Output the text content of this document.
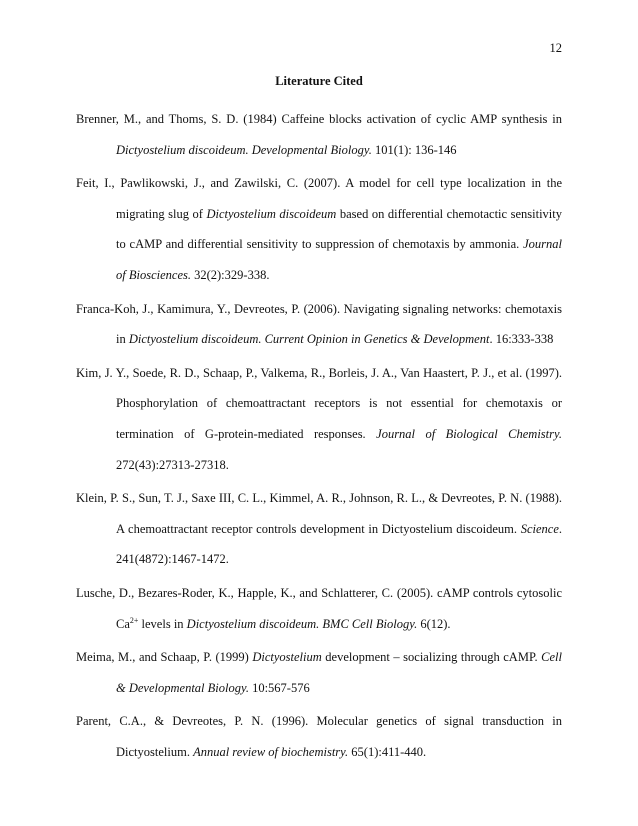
12
Literature Cited

Brenner, M., and Thoms, S. D. (1984) Caffeine blocks activation of cyclic AMP synthesis in Dictyostelium discoideum. Developmental Biology. 101(1): 136-146

Feit, I., Pawlikowski, J., and Zawilski, C. (2007). A model for cell type localization in the migrating slug of Dictyostelium discoideum based on differential chemotactic sensitivity to cAMP and differential sensitivity to suppression of chemotaxis by ammonia. Journal of Biosciences. 32(2):329-338.

Franca-Koh, J., Kamimura, Y., Devreotes, P. (2006). Navigating signaling networks: chemotaxis in Dictyostelium discoideum. Current Opinion in Genetics & Development. 16:333-338

Kim, J. Y., Soede, R. D., Schaap, P., Valkema, R., Borleis, J. A., Van Haastert, P. J., et al. (1997). Phosphorylation of chemoattractant receptors is not essential for chemotaxis or termination of G-protein-mediated responses. Journal of Biological Chemistry. 272(43):27313-27318.

Klein, P. S., Sun, T. J., Saxe III, C. L., Kimmel, A. R., Johnson, R. L., & Devreotes, P. N. (1988). A chemoattractant receptor controls development in Dictyostelium discoideum. Science. 241(4872):1467-1472.

Lusche, D., Bezares-Roder, K., Happle, K., and Schlatterer, C. (2005). cAMP controls cytosolic $Ca^{2+}$ levels in Dictyostelium discoideum. BMC Cell Biology. 6(12).

Meima, M., and Schaap, P. (1999) Dictyostelium development – socializing through cAMP. Cell & Developmental Biology. 10:567-576

Parent, C.A., & Devreotes, P. N. (1996). Molecular genetics of signal transduction in Dictyostelium. Annual review of biochemistry. 65(1):411-440.
